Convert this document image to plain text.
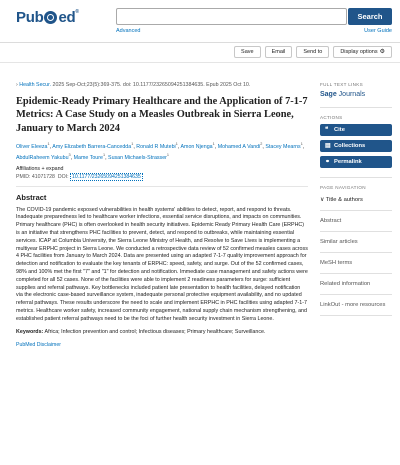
Pub ed®	Search
Advanced	User Guide
Save	Email	Send to	Display options ⚙
› Health Secur. 2025 Sep-Oct;23(5):369-375. doi: 10.1177/23265094251384635. Epub 2025 Oct 10.
Epidemic-Ready Primary Healthcare and the Application of 7-1-7 Metrics: A Case Study on a Measles Outbreak in Sierra Leone, January to March 2024
Oliver Eleeza$^1$, Amy Elizabeth Barrera-Cancedda$^1$, Ronald R Mutebi$^1$, Amon Njenga$^1$, Mohamed A Vandi$^2$, Stacey Mearns$^1$, AbdulRaheem Yakubu$^3$, Mame Toure$^1$, Susan Michaels-Strasser$^1$
Affiliations + expand
PMID: 41071728 DOI: 10.1177/23265094251384635
Abstract

The COVID-19 pandemic exposed vulnerabilities in health systems' abilities to detect, report, and respond to threats. Inadequate preparedness led to healthcare worker infections, essential service disruptions, and impacts on communities. Primary healthcare (PHC) is often overlooked in health security initiatives. Epidemic Ready Primary Health Care (ERPHC) is an initiative that strengthens PHC facilities to prevent, detect, and respond to outbreaks, while maintaining essential services. ICAP at Columbia University, the Sierra Leone Ministry of Health, and Resolve to Save Lives is implementing a multiyear ERPHC project in Sierra Leone. We conducted a retrospective data review of 52 confirmed measles cases across 4 PHC facilities from January to March 2024. Data are presented using an adapted 7-1-7 quality improvement approach for detection and notification to evaluate the key tenants of ERPHC: speed, safety, and surge. Out of the 52 confirmed cases, 98% and 100% met the first "7" and "1" for detection and notification. Immediate case management and safety actions were completed for all 52 cases. None of the facilities were able to implement 2 readiness parameters for surge: sufficient supplies and referral pathways. Key bottlenecks included patient late presentation to health facilities, delayed notification via the electronic case-based surveillance system, inadequate personal protective equipment availability, and no updated referral pathways. These results underscore the need to scale and implement ERPHC in PHC facilities using adapted 7-1-7 metrics. Healthcare worker safety, increased community engagement, national supply chain mechanism strengthening, and established patient referral pathways need to be the foci of further health security investment in Sierra Leone.

Keywords: Africa; Infection prevention and control; Infectious diseases; Primary healthcare; Surveillance.

PubMed Disclaimer
FULL TEXT LINKS
Sage Journals
ACTIONS
❝ Cite
▤ Collections
⚭ Permalink
PAGE NAVIGATION
∨ Title & authors
Abstract
Similar articles
MeSH terms
Related information
LinkOut - more resources
